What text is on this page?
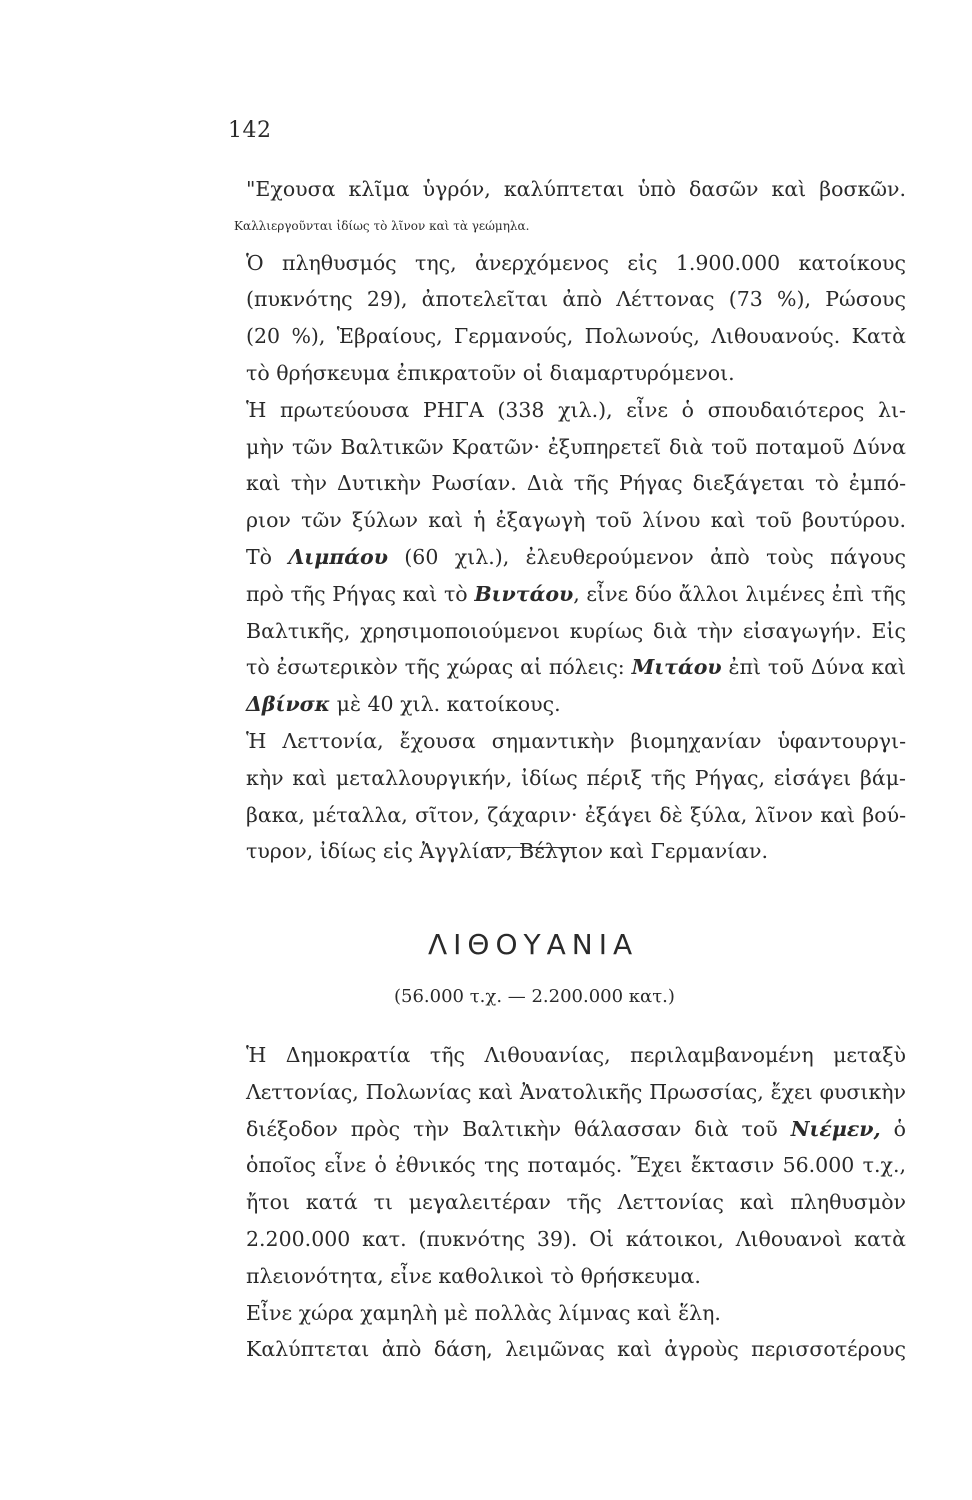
142
"Εχουσα κλῖμα ὑγρόν, καλύπτεται ὑπὸ δασῶν καὶ βοσκῶν.
Καλλιεργοῦνται ἰδίως τὸ λῖνον καὶ τὰ γεώμηλα.
Ὁ πληθυσμός της, ἀνερχόμενος εἰς 1.900.000 κατοίκους
(πυκνότης 29), ἀποτελεῖται ἀπὸ Λέττονας (73 %), Ρώσους
(20 %), Ἑβραίους, Γερμανούς, Πολωνούς, Λιθουανούς. Κατὰ
τὸ θρήσκευμα ἐπικρατοῦν οἱ διαμαρτυρόμενοι.
Ἡ πρωτεύουσα ΡΗΓΑ (338 χιλ.), εἶνε ὁ σπουδαιότερος λι-
μὴν τῶν Βαλτικῶν Κρατῶν· ἐξυπηρετεῖ διὰ τοῦ ποταμοῦ Δύνα
καὶ τὴν Δυτικὴν Ρωσίαν. Διὰ τῆς Ρήγας διεξάγεται τὸ ἐμπό-
ριον τῶν ξύλων καὶ ἡ ἐξαγωγὴ τοῦ λίνου καὶ τοῦ βουτύρου.
Τὸ Λιμπάου (60 χιλ.), ἐλευθερούμενον ἀπὸ τοὺς πάγους
πρὸ τῆς Ρήγας καὶ τὸ Βιντάου, εἶνε δύο ἄλλοι λιμένες ἐπὶ τῆς
Βαλτικῆς, χρησιμοποιούμενοι κυρίως διὰ τὴν εἰσαγωγήν. Εἰς
τὸ ἐσωτερικὸν τῆς χώρας αἱ πόλεις: Μιτάου ἐπὶ τοῦ Δύνα καὶ
Δβίνσκ μὲ 40 χιλ. κατοίκους.
Ἡ Λεττονία, ἔχουσα σημαντικὴν βιομηχανίαν ὑφαντουργι-
κὴν καὶ μεταλλουργικήν, ἰδίως πέριξ τῆς Ρήγας, εἰσάγει βάμ-
βακα, μέταλλα, σῖτον, ζάχαριν· ἐξάγει δὲ ξύλα, λῖνον καὶ βού-
τυρον, ἰδίως εἰς Ἀγγλίαν, Βέλγιον καὶ Γερμανίαν.
ΛΙΘΟΥΑΝΙΑ
(56.000 τ.χ. — 2.200.000 κατ.)
Ἡ Δημοκρατία τῆς Λιθουανίας, περιλαμβανομένη μεταξὺ
Λεττονίας, Πολωνίας καὶ Ἀνατολικῆς Πρωσσίας, ἔχει φυσικὴν
διέξοδον πρὸς τὴν Βαλτικὴν θάλασσαν διὰ τοῦ Νιέμεν, ὁ
ὁποῖος εἶνε ὁ ἐθνικός της ποταμός. Ἔχει ἔκτασιν 56.000 τ.χ.,
ἤτοι κατά τι μεγαλειτέραν τῆς Λεττονίας καὶ πληθυσμὸν
2.200.000 κατ. (πυκνότης 39). Οἱ κάτοικοι, Λιθουανοὶ κατὰ
πλειονότητα, εἶνε καθολικοὶ τὸ θρήσκευμα.
Εἶνε χώρα χαμηλὴ μὲ πολλὰς λίμνας καὶ ἕλη.
Καλύπτεται ἀπὸ δάση, λειμῶνας καὶ ἀγροὺς περισσοτέρους
